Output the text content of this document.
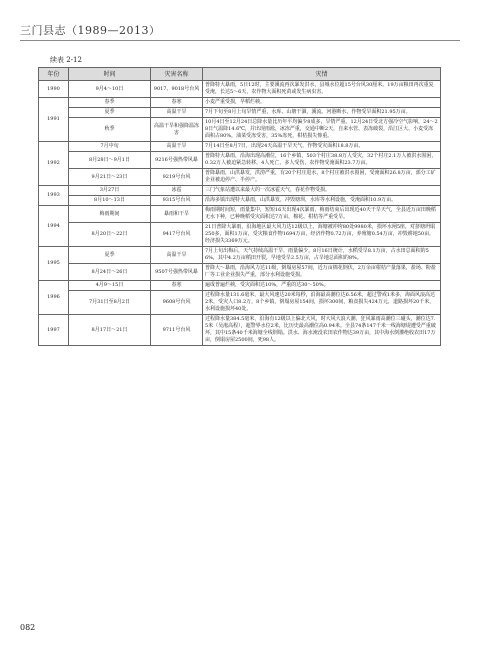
三门县志（1989—2013）
续表 2-12
年份	时间	灾害名称	灾情
1990	9月4～10日	9017、9018号台风	普降特大暴雨，5日12时，主要溪流再次暴发洪水，县城水位超15号台风30厘米。19万亩粮田再次重复受淹，长达5～6天，农作物大面积死苗或发生病虫害。
1991	春季	春寒	小麦严重受损，早稻烂秧。
	夏季	高温干旱	7月下旬至8月上旬旱情严重，水库、山塘干涸，溪流、河港断水，作物受旱面积21.95万亩。
	秋季	高温干旱和强降温冻害	10月4日至12月24日总降水量比历年平均偏少8成多，旱情严重。12月24日受北方强冷空气影响，24～28日气温降14.6℃，并出现雨淞，冰冻严重，交通中断2天，自来水管、表冻破裂，沿江区大、小麦受冻面积占80%，油菜受冻受害，35%冻死，柑桔损失惨重。
1992	7月中旬	高温干旱	7月14日至8月7日，出现24天高温干旱天气，作物受灾面积18.8万亩。
	8月28日～9月1日	9216号强热带风暴	普降特大暴雨，沿海出现高潮位，16个乡镇，503个村庄38.8万人受灾，32个村庄2.1万人被洪水围困，0.32万人被迫紧急转移，4人死亡，多人受伤，农作物受淹面积23.7万亩。
	9月21日～23日	9219号台风	普降暴雨，山洪暴发，洪涝严重，有20个村庄进水，8个村庄被洪水围困，受淹面积26.8万亩，部分工矿企业被迫停产、半停产。
1993	3月27日	冰雹	三门气象站遭以来最大的一次冰雹天气，春花作物受损。
	8月10～13日	9315号台风	沿海多镇出现特大暴雨，山洪暴发，冲毁塘坝，水库等水利设施，受淹面积10.9万亩。
1994	梅雨期间	暴雨和干旱	梅雨期时间短，雨量集中，短短16天出现4次暴雨，梅雨结束后出现近40天干旱天气，全县近万亩田晚稻无水下种，已种晚稻受灾面积达7万亩，棉花、柑桔等严重受旱。
	8月20日～22日	9417号台风	21日普降大暴雨，沿海地区最大风力达12级以上，海塘被冲垮80处9980米，损坏水闸5座，对挤塘坍塌250多，面积1万亩，受灾粮食作物1694万亩，经济作物0.72万亩，养殖塘0.54万亩，冲毁耕地50亩，经济损失3369万元。
1995	夏季	高温干旱	7月上旬出梅后，天气持续高温干旱，雨量偏少。8月16日统计，水稻受旱8.1万亩，占水田总面积的56%，其中4.2万亩稻田开裂，早地受旱2.5万亩，占旱地总面积的8%。
	8月24日～26日	9507号强热带风暴	普降大～暴雨，沿海风力达11级，倒塌房屋57间，近万亩棉花倒伏，2万余亩柑桔产量落果，盐场、粉盐厂等工业企业损失严重，部分水利设施受损。
1996	4月9～15日	春寒	遍成普遍烂秧，受灾面积达10%，严重的达30～50%。
	7月31日至8月2日	9608号台风	过程降水量131.6毫米，最大风速达20米每秒，沿海最高潮位达6.56米，超过警戒1米多，海面风浪高达2米，受灾人口8.2万，8个乡镇，倒塌房屋154间，损坏300间，粮食损失424万元，道路损坏20千米，水利设施损坏40处。
1997	8月17日～21日	9711号台风	过程降水量384.5毫米，沿海有12级以上偏北大风，时大风大浪大潮，狂风暴雨高潮位三碰头，潮位达7.5米（吴淞高程），超警界水位2米，比历史最高潮位高0.94米。全县74条147千米一线海塘堤遭受严重破坏，其中15条40千米海塘全线倒塌。洪水、海水淹没农田农作物达39万亩，其中海水倒灌绝收农田17万亩，倒塌房屋2500间，死98人。
082
